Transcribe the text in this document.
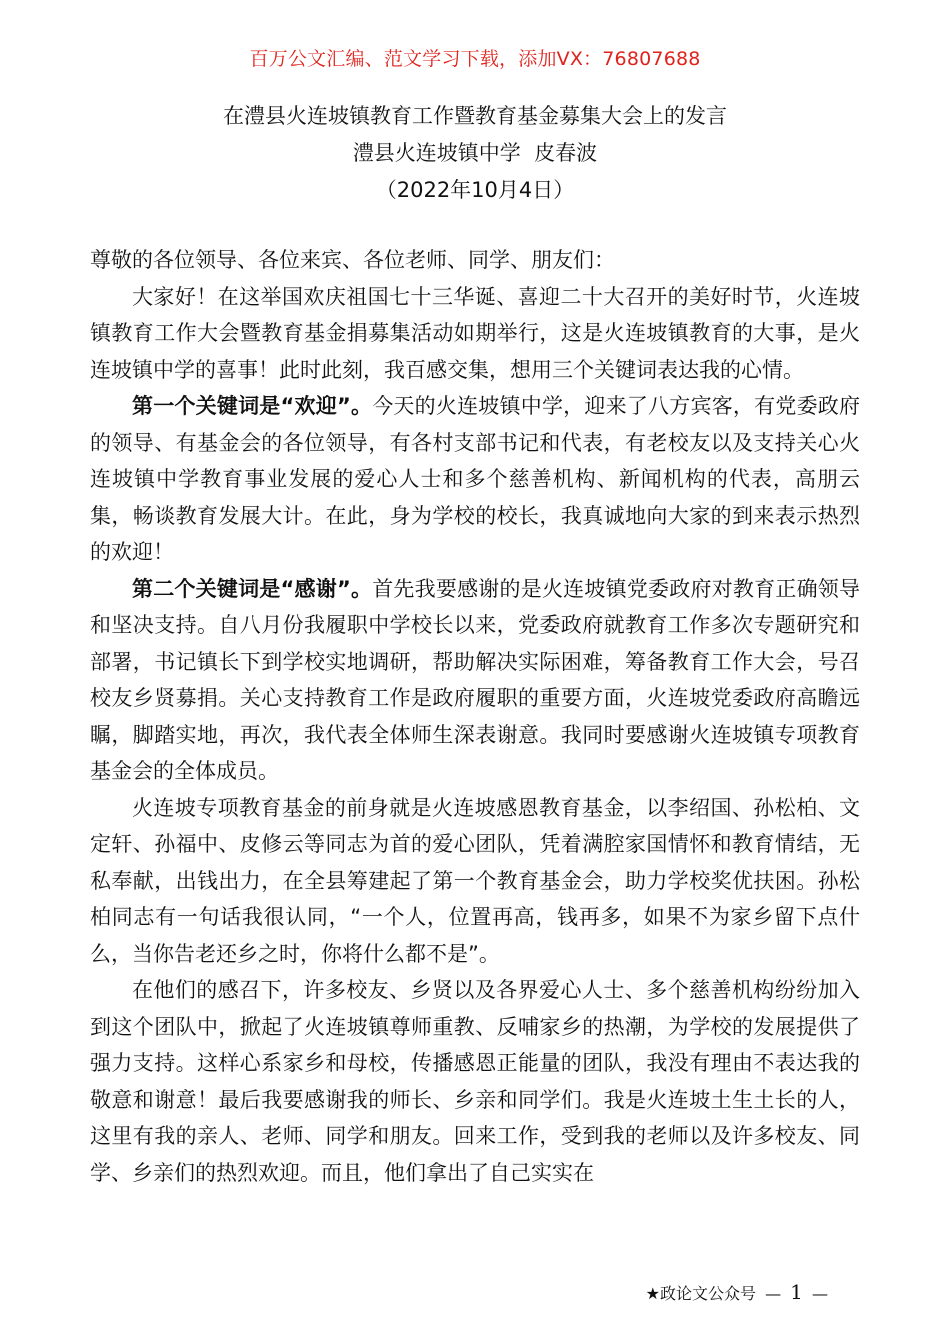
百万公文汇编、范文学习下载，添加VX：76807688
在澧县火连坡镇教育工作暨教育基金募集大会上的发言
澧县火连坡镇中学  皮春波
（2022年10月4日）

尊敬的各位领导、各位来宾、各位老师、同学、朋友们：

大家好！在这举国欢庆祖国七十三华诞、喜迎二十大召开的美好时节，火连坡镇教育工作大会暨教育基金捐募集活动如期举行，这是火连坡镇教育的大事，是火连坡镇中学的喜事！此时此刻，我百感交集，想用三个关键词表达我的心情。

第一个关键词是“欢迎”。今天的火连坡镇中学，迎来了八方宾客，有党委政府的领导、有基金会的各位领导，有各村支部书记和代表，有老校友以及支持关心火连坡镇中学教育事业发展的爱心人士和多个慈善机构、新闻机构的代表，高朋云集，畅谈教育发展大计。在此，身为学校的校长，我真诚地向大家的到来表示热烈的欢迎！

第二个关键词是“感谢”。首先我要感谢的是火连坡镇党委政府对教育正确领导和坚决支持。自八月份我履职中学校长以来，党委政府就教育工作多次专题研究和部署，书记镇长下到学校实地调研，帮助解决实际困难，筹备教育工作大会，号召校友乡贤募捐。关心支持教育工作是政府履职的重要方面，火连坡党委政府高瞻远瞩，脚踏实地，再次，我代表全体师生深表谢意。我同时要感谢火连坡镇专项教育基金会的全体成员。

火连坡专项教育基金的前身就是火连坡感恩教育基金，以李绍国、孙松柏、文定轩、孙福中、皮修云等同志为首的爱心团队，凭着满腔家国情怀和教育情结，无私奉献，出钱出力，在全县筹建起了第一个教育基金会，助力学校奖优扶困。孙松柏同志有一句话我很认同，“一个人，位置再高，钱再多，如果不为家乡留下点什么，当你告老还乡之时，你将什么都不是”。

在他们的感召下，许多校友、乡贤以及各界爱心人士、多个慈善机构纷纷加入到这个团队中，掀起了火连坡镇尊师重教、反哺家乡的热潮，为学校的发展提供了强力支持。这样心系家乡和母校，传播感恩正能量的团队，我没有理由不表达我的敬意和谢意！最后我要感谢我的师长、乡亲和同学们。我是火连坡土生土长的人，这里有我的亲人、老师、同学和朋友。回来工作，受到我的老师以及许多校友、同学、乡亲们的热烈欢迎。而且，他们拿出了自己实实在

★政论文公众号 — 1 —
